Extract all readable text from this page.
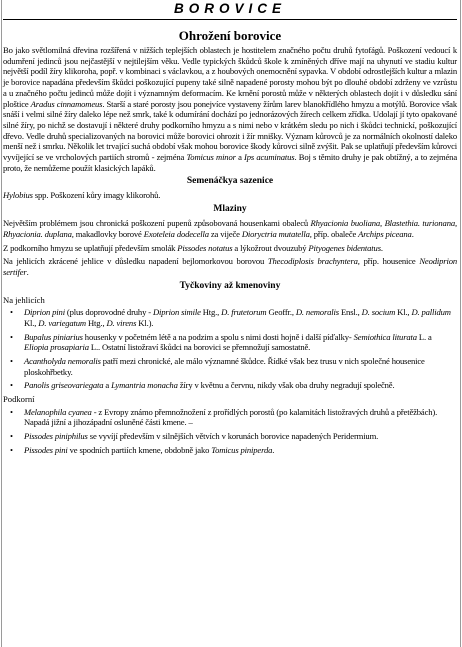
BOROVICE
Ohrožení borovice

Bo jako světlomilná dřevina rozšířená v nižších teplejších oblastech je hostitelem značného počtu druhů fytofágů. Poškození vedoucí k odumření jedinců jsou nejčastější v nejtilejším věku. Vedle typických škůdců škole k zmíněných dříve mají na uhynutí ve stadiu kultur největší podíl žíry klikoroha, popř. v kombinaci s václavkou, a z houbových onemocnění sypavka. V období odrostlejších kultur a mlazin je borovice napadána především škůdci poškozující pupeny také silně napadené porosty mohou být po dlouhé období zdrženy ve vzrůstu a u značného počtu jedinců může dojít i významným deformacím. Ke krnění porostů může v některých oblastech dojít i v důsledku sání ploštice Aradus cinnamomeus. Starší a staré porosty jsou ponejvíce vystaveny žírům larev blanokřídlého hmyzu a motýlů. Borovice však snáší i velmi silné žíry daleko lépe než smrk, také k odumírání dochází po jednorázových žírech celkem zřídka. Udolají jí tyto opakované silné žíry, po nichž se dostavují i některé druhy podkorního hmyzu a s nimi nebo v krátkém sledu po nich i škůdci technickí, poškozující dřevo. Vedle druhů specializovaných na borovici může borovici ohrozit i žír mnišky. Význam kůrovců je za normálních okolností daleko menší než i smrku. Několik let trvající suchá období však mohou borovice škody kůrovci silně zvýšit. Pak se uplatňují především kůrovci vyvíjející se ve vrcholových partiích stromů - zejména Tomicus minor a Ips acuminatus. Boj s těmito druhy je pak obtížný, a to zejména proto, že nemůžeme použít klasických lapáků.

Semenáčkya sazenice

Hylobius spp. Poškození kůry imagy klikorohů.

Mlaziny

Největším problémem jsou chronická poškození pupenů způsobovaná housenkami obaleců Rhyacionia buoliana, Blastethia. turionana, Rhyacionia. duplana, makadlovky borové Exoteleia dodecella za viječe Dioryctria mutatella, příp. obaleče Archips piceana.

Z podkorního hmyzu se uplatňují především smolák Pissodes notatus a lýkožrout dvouzubý Pityogenes bidentatus.

Na jehlicích zkrácené jehlice v důsledku napadení bejlomorkovou borovou Thecodiplosis brachyntera, příp. housenice Neodiprion sertifer.

Tyčkoviny až kmenoviny
Na jehlicích
• Diprion pini (plus doprovodné druhy - Diprion simile Htg., D. frutetorum Geoffr., D. nemoralis Ensl., D. socium Kl., D. pallidum Kl., D. variegatum Htg., D. virens Kl.).
• Bupalus piniarius housenky v početném létě a na podzim a spolu s nimi dosti hojně i další píďalky- Semiothica liturata L. a Eliopia prosapiaria L.. Ostatní listožraví škůdci na borovici se přemnožují samostatně.
• Acantholyda nemoralis patří mezi chronické, ale málo významné škůdce. Řídké však bez trusu v nich společné housenice ploskohřbetky.
• Panolis griseovariegata a Lymantria monacha žíry v květnu a červnu, nikdy však oba druhy negradují společně.
Podkorní
• Melanophila cyanea - z Evropy známo přemnožnožení z prořídlých porostů (po kalamitách listožravých druhů a přetěžbách). Napadá jižní a jihozápadní osluněné části kmene. –
• Pissodes piniphilus se vyvíjí především v silnějších větvích v korunách borovice napadených Peridermium.
• Pissodes pini ve spodních partiích kmene, obdobně jako Tomicus piniperda.
